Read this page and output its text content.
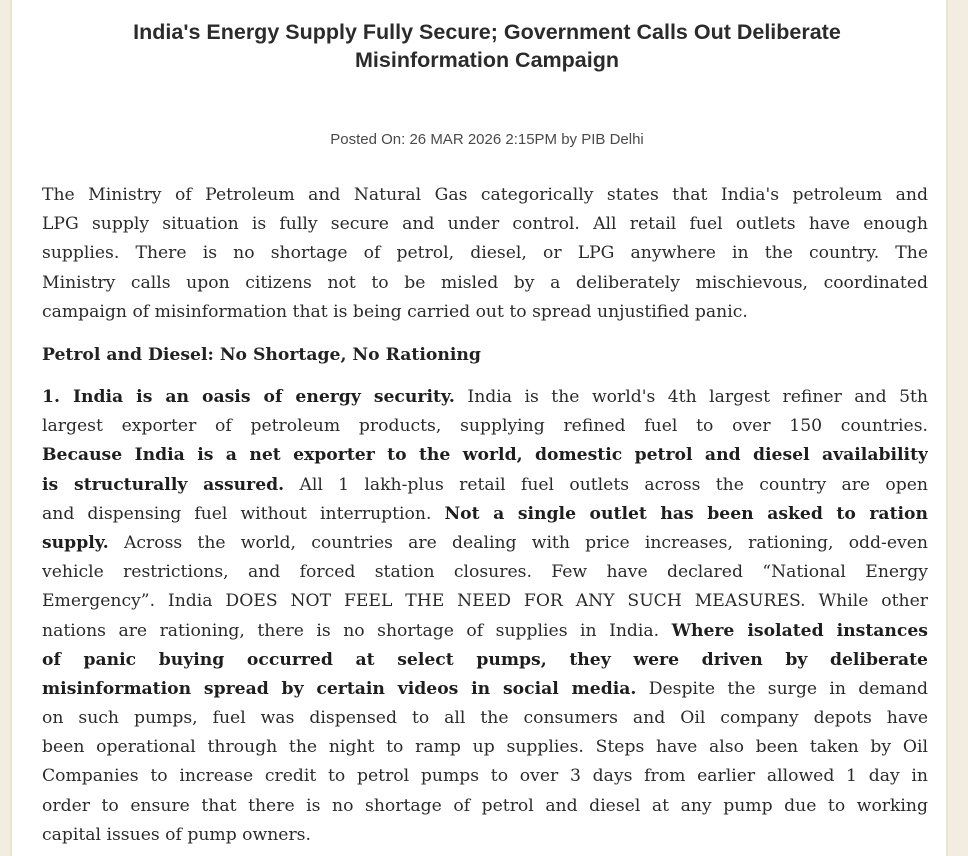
India's Energy Supply Fully Secure; Government Calls Out Deliberate
Misinformation Campaign
Posted On: 26 MAR 2026 2:15PM by PIB Delhi
The Ministry of Petroleum and Natural Gas categorically states that India's petroleum and
LPG supply situation is fully secure and under control. All retail fuel outlets have enough
supplies. There is no shortage of petrol, diesel, or LPG anywhere in the country. The
Ministry calls upon citizens not to be misled by a deliberately mischievous, coordinated
campaign of misinformation that is being carried out to spread unjustified panic.
Petrol and Diesel: No Shortage, No Rationing
1. India is an oasis of energy security. India is the world's 4th largest refiner and 5th
largest exporter of petroleum products, supplying refined fuel to over 150 countries.
Because India is a net exporter to the world, domestic petrol and diesel availability
is structurally assured. All 1 lakh-plus retail fuel outlets across the country are open
and dispensing fuel without interruption. Not a single outlet has been asked to ration
supply. Across the world, countries are dealing with price increases, rationing, odd-even
vehicle restrictions, and forced station closures. Few have declared “National Energy
Emergency”. India DOES NOT FEEL THE NEED FOR ANY SUCH MEASURES. While other
nations are rationing, there is no shortage of supplies in India. Where isolated instances
of panic buying occurred at select pumps, they were driven by deliberate
misinformation spread by certain videos in social media. Despite the surge in demand
on such pumps, fuel was dispensed to all the consumers and Oil company depots have
been operational through the night to ramp up supplies. Steps have also been taken by Oil
Companies to increase credit to petrol pumps to over 3 days from earlier allowed 1 day in
order to ensure that there is no shortage of petrol and diesel at any pump due to working
capital issues of pump owners.
